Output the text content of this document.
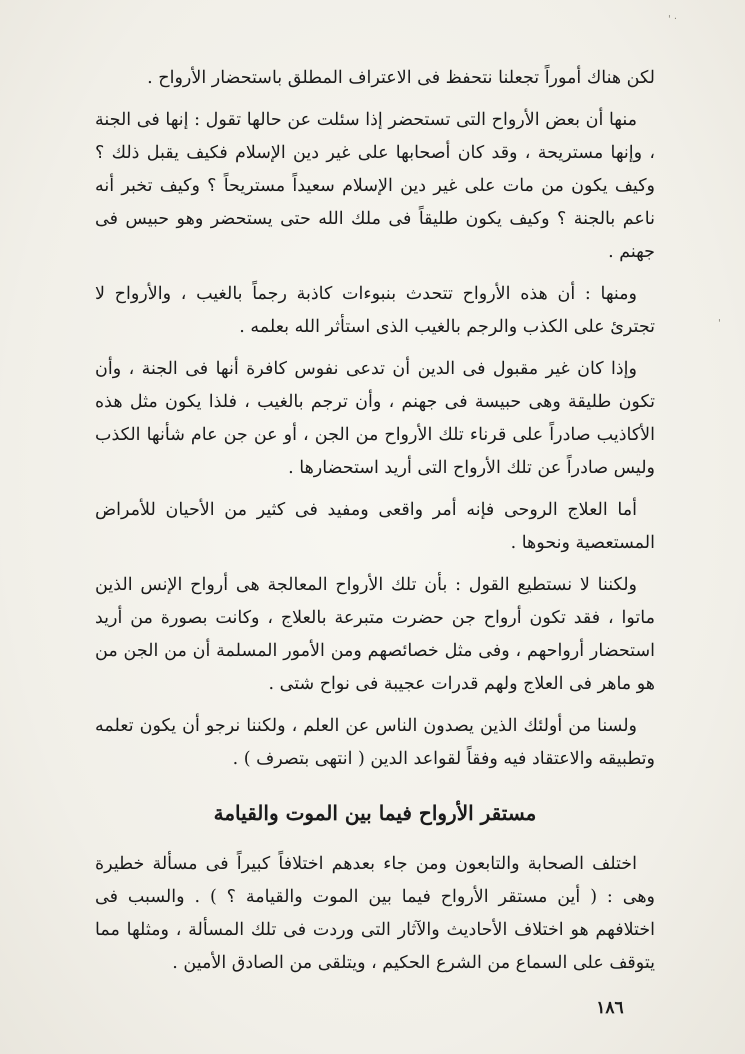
' ·
'

لكن هناك أموراً تجعلنا نتحفظ فى الاعتراف المطلق باستحضار الأرواح .

منها أن بعض الأرواح التى تستحضر إذا سئلت عن حالها تقول : إنها فى الجنة ، وإنها مستريحة ، وقد كان أصحابها على غير دين الإسلام فكيف يقبل ذلك ؟ وكيف يكون من مات على غير دين الإسلام سعيداً مستريحاً ؟ وكيف تخبر أنه ناعم بالجنة ؟ وكيف يكون طليقاً فى ملك الله حتى يستحضر وهو حبيس فى جهنم .

ومنها : أن هذه الأرواح تتحدث بنبوءات كاذبة رجماً بالغيب ، والأرواح لا تجترئ على الكذب والرجم بالغيب الذى استأثر الله بعلمه .

وإذا كان غير مقبول فى الدين أن تدعى نفوس كافرة أنها فى الجنة ، وأن تكون طليقة وهى حبيسة فى جهنم ، وأن ترجم بالغيب ، فلذا يكون مثل هذه الأكاذيب صادراً على قرناء تلك الأرواح من الجن ، أو عن جن عام شأنها الكذب وليس صادراً عن تلك الأرواح التى أريد استحضارها .

أما العلاج الروحى فإنه أمر واقعى ومفيد فى كثير من الأحيان للأمراض المستعصية ونحوها .

ولكننا لا نستطيع القول : بأن تلك الأرواح المعالجة هى أرواح الإنس الذين ماتوا ، فقد تكون أرواح جن حضرت متبرعة بالعلاج ، وكانت بصورة من أريد استحضار أرواحهم ، وفى مثل خصائصهم ومن الأمور المسلمة أن من الجن من هو ماهر فى العلاج ولهم قدرات عجيبة فى نواح شتى .

ولسنا من أولئك الذين يصدون الناس عن العلم ، ولكننا نرجو أن يكون تعلمه وتطبيقه والاعتقاد فيه وفقاً لقواعد الدين ( انتهى بتصرف ) .

مستقر الأرواح فيما بين الموت والقيامة

اختلف الصحابة والتابعون ومن جاء بعدهم اختلافاً كبيراً فى مسألة خطيرة وهى : ( أين مستقر الأرواح فيما بين الموت والقيامة ؟ ) . والسبب فى اختلافهم هو اختلاف الأحاديث والآثار التى وردت فى تلك المسألة ، ومثلها مما يتوقف على السماع من الشرع الحكيم ، ويتلقى من الصادق الأمين .

١٨٦
